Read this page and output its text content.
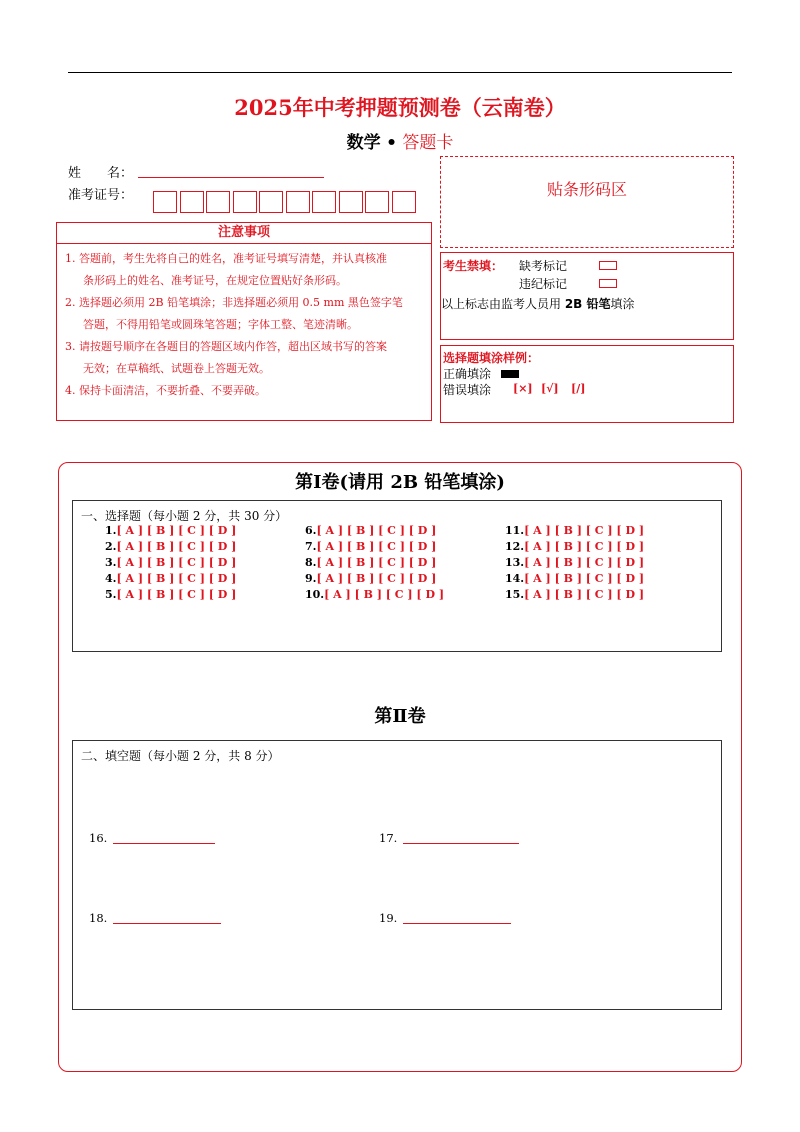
2025年中考押题预测卷（云南卷）
数学 • 答题卡
姓　　名：
准考证号：	贴条形码区
注意事项
1. 答题前，考生先将自己的姓名，准考证号填写清楚，并认真核准
条形码上的姓名、准考证号，在规定位置贴好条形码。
2. 选择题必须用 2B 铅笔填涂；非选择题必须用 0.5 mm 黑色签字笔
答题，不得用铅笔或圆珠笔答题；字体工整、笔迹清晰。
3. 请按题号顺序在各题目的答题区域内作答，超出区域书写的答案
无效；在草稿纸、试题卷上答题无效。
4. 保持卡面清洁，不要折叠、不要弄破。
考生禁填： 缺考标记
违纪标记
以上标志由监考人员用 2B 铅笔填涂
选择题填涂样例：
正确填涂
错误填涂 [×] [√] [/]
第Ⅰ卷(请用 2B 铅笔填涂)
一、选择题（每小题 2 分，共 30 分）
1.[ A ] [ B ] [ C ] [ D ]
2.[ A ] [ B ] [ C ] [ D ]
3.[ A ] [ B ] [ C ] [ D ]
4.[ A ] [ B ] [ C ] [ D ]
5.[ A ] [ B ] [ C ] [ D ]
6.[ A ] [ B ] [ C ] [ D ]
7.[ A ] [ B ] [ C ] [ D ]
8.[ A ] [ B ] [ C ] [ D ]
9.[ A ] [ B ] [ C ] [ D ]
10.[ A ] [ B ] [ C ] [ D ]
11.[ A ] [ B ] [ C ] [ D ]
12.[ A ] [ B ] [ C ] [ D ]
13.[ A ] [ B ] [ C ] [ D ]
14.[ A ] [ B ] [ C ] [ D ]
15.[ A ] [ B ] [ C ] [ D ]
第Ⅱ卷
二、填空题（每小题 2 分，共 8 分）
16.	17.
18.	19.
